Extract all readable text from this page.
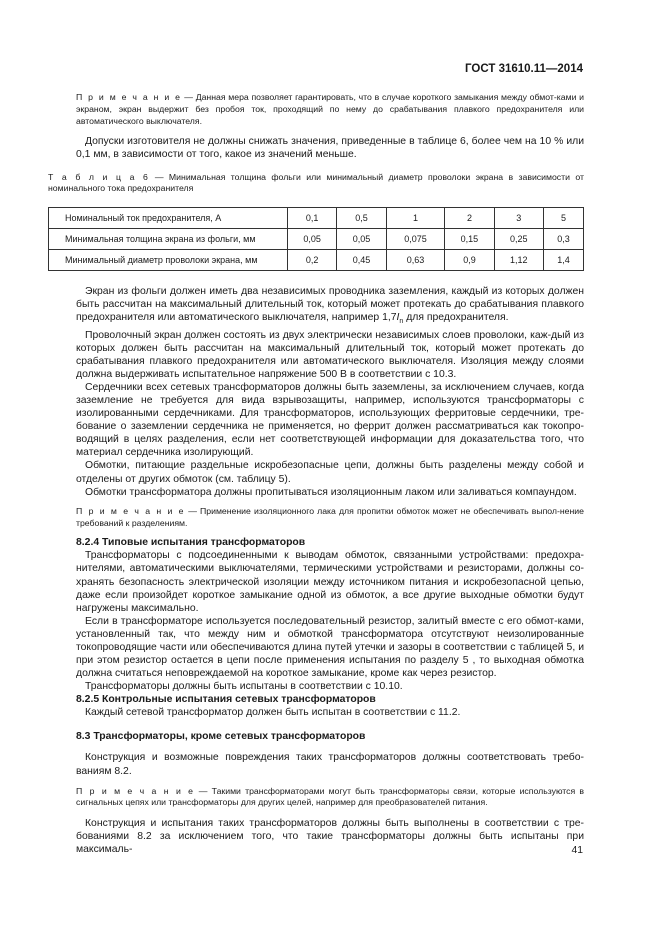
ГОСТ 31610.11—2014

П р и м е ч а н и е — Данная мера позволяет гарантировать, что в случае короткого замыкания между обмот-ками и экраном, экран выдержит без пробоя ток, проходящий по нему до срабатывания плавкого предохранителя или автоматического выключателя.

Допуски изготовителя не должны снижать значения, приведенные в таблице 6, более чем на 10 % или 0,1 мм, в зависимости от того, какое из значений меньше.

Т а б л и ц а 6 — Минимальная толщина фольги или минимальный диаметр проволоки экрана в зависимости от номинального тока предохранителя

Номинальный ток предохранителя, А	0,1	0,5	1	2	3	5
Минимальная толщина экрана из фольги, мм	0,05	0,05	0,075	0,15	0,25	0,3
Минимальный диаметр проволоки экрана, мм	0,2	0,45	0,63	0,9	1,12	1,4

Экран из фольги должен иметь два независимых проводника заземления, каждый из которых должен быть рассчитан на максимальный длительный ток, который может протекать до срабатывания плавкого предохранителя или автоматического выключателя, например $1,7I_n$ для предохранителя.

Проволочный экран должен состоять из двух электрически независимых слоев проволоки, каж-дый из которых должен быть рассчитан на максимальный длительный ток, который может протекать до срабатывания плавкого предохранителя или автоматического выключателя. Изоляция между слоями должна выдерживать испытательное напряжение 500 В в соответствии с 10.3.

Сердечники всех сетевых трансформаторов должны быть заземлены, за исключением случаев, когда заземление не требуется для вида взрывозащиты, например, используются трансформаторы с изолированными сердечниками. Для трансформаторов, использующих ферритовые сердечники, тре-бование о заземлении сердечника не применяется, но феррит должен рассматриваться как токопро-водящий в целях разделения, если нет соответствующей информации для доказательства того, что материал сердечника изолирующий.

Обмотки, питающие раздельные искробезопасные цепи, должны быть разделены между собой и отделены от других обмоток (см. таблицу 5).

Обмотки трансформатора должны пропитываться изоляционным лаком или заливаться компаундом.

П р и м е ч а н и е — Применение изоляционного лака для пропитки обмоток может не обеспечивать выпол-нение требований к разделениям.

8.2.4 Типовые испытания трансформаторов

Трансформаторы с подсоединенными к выводам обмоток, связанными устройствами: предохра-нителями, автоматическими выключателями, термическими устройствами и резисторами, должны со-хранять безопасность электрической изоляции между источником питания и искробезопасной цепью, даже если произойдет короткое замыкание одной из обмоток, а все другие выходные обмотки будут нагружены максимально.

Если в трансформаторе используется последовательный резистор, залитый вместе с его обмот-ками, установленный так, что между ним и обмоткой трансформатора отсутствуют неизолированные токопроводящие части или обеспечиваются длина путей утечки и зазоры в соответствии с таблицей 5, и при этом резистор остается в цепи после применения испытания по разделу 5 , то выходная обмотка должна считаться неповреждаемой на короткое замыкание, кроме как через резистор.

Трансформаторы должны быть испытаны в соответствии с 10.10.

8.2.5 Контрольные испытания сетевых трансформаторов

Каждый сетевой трансформатор должен быть испытан в соответствии с 11.2.

8.3 Трансформаторы, кроме сетевых трансформаторов

Конструкция и возможные повреждения таких трансформаторов должны соответствовать требо-ваниям 8.2.

П р и м е ч а н и е — Такими трансформаторами могут быть трансформаторы связи, которые используются в сигнальных цепях или трансформаторы для других целей, например для преобразователей питания.

Конструкция и испытания таких трансформаторов должны быть выполнены в соответствии с тре-бованиями 8.2 за исключением того, что такие трансформаторы должны быть испытаны при максималь-	41
